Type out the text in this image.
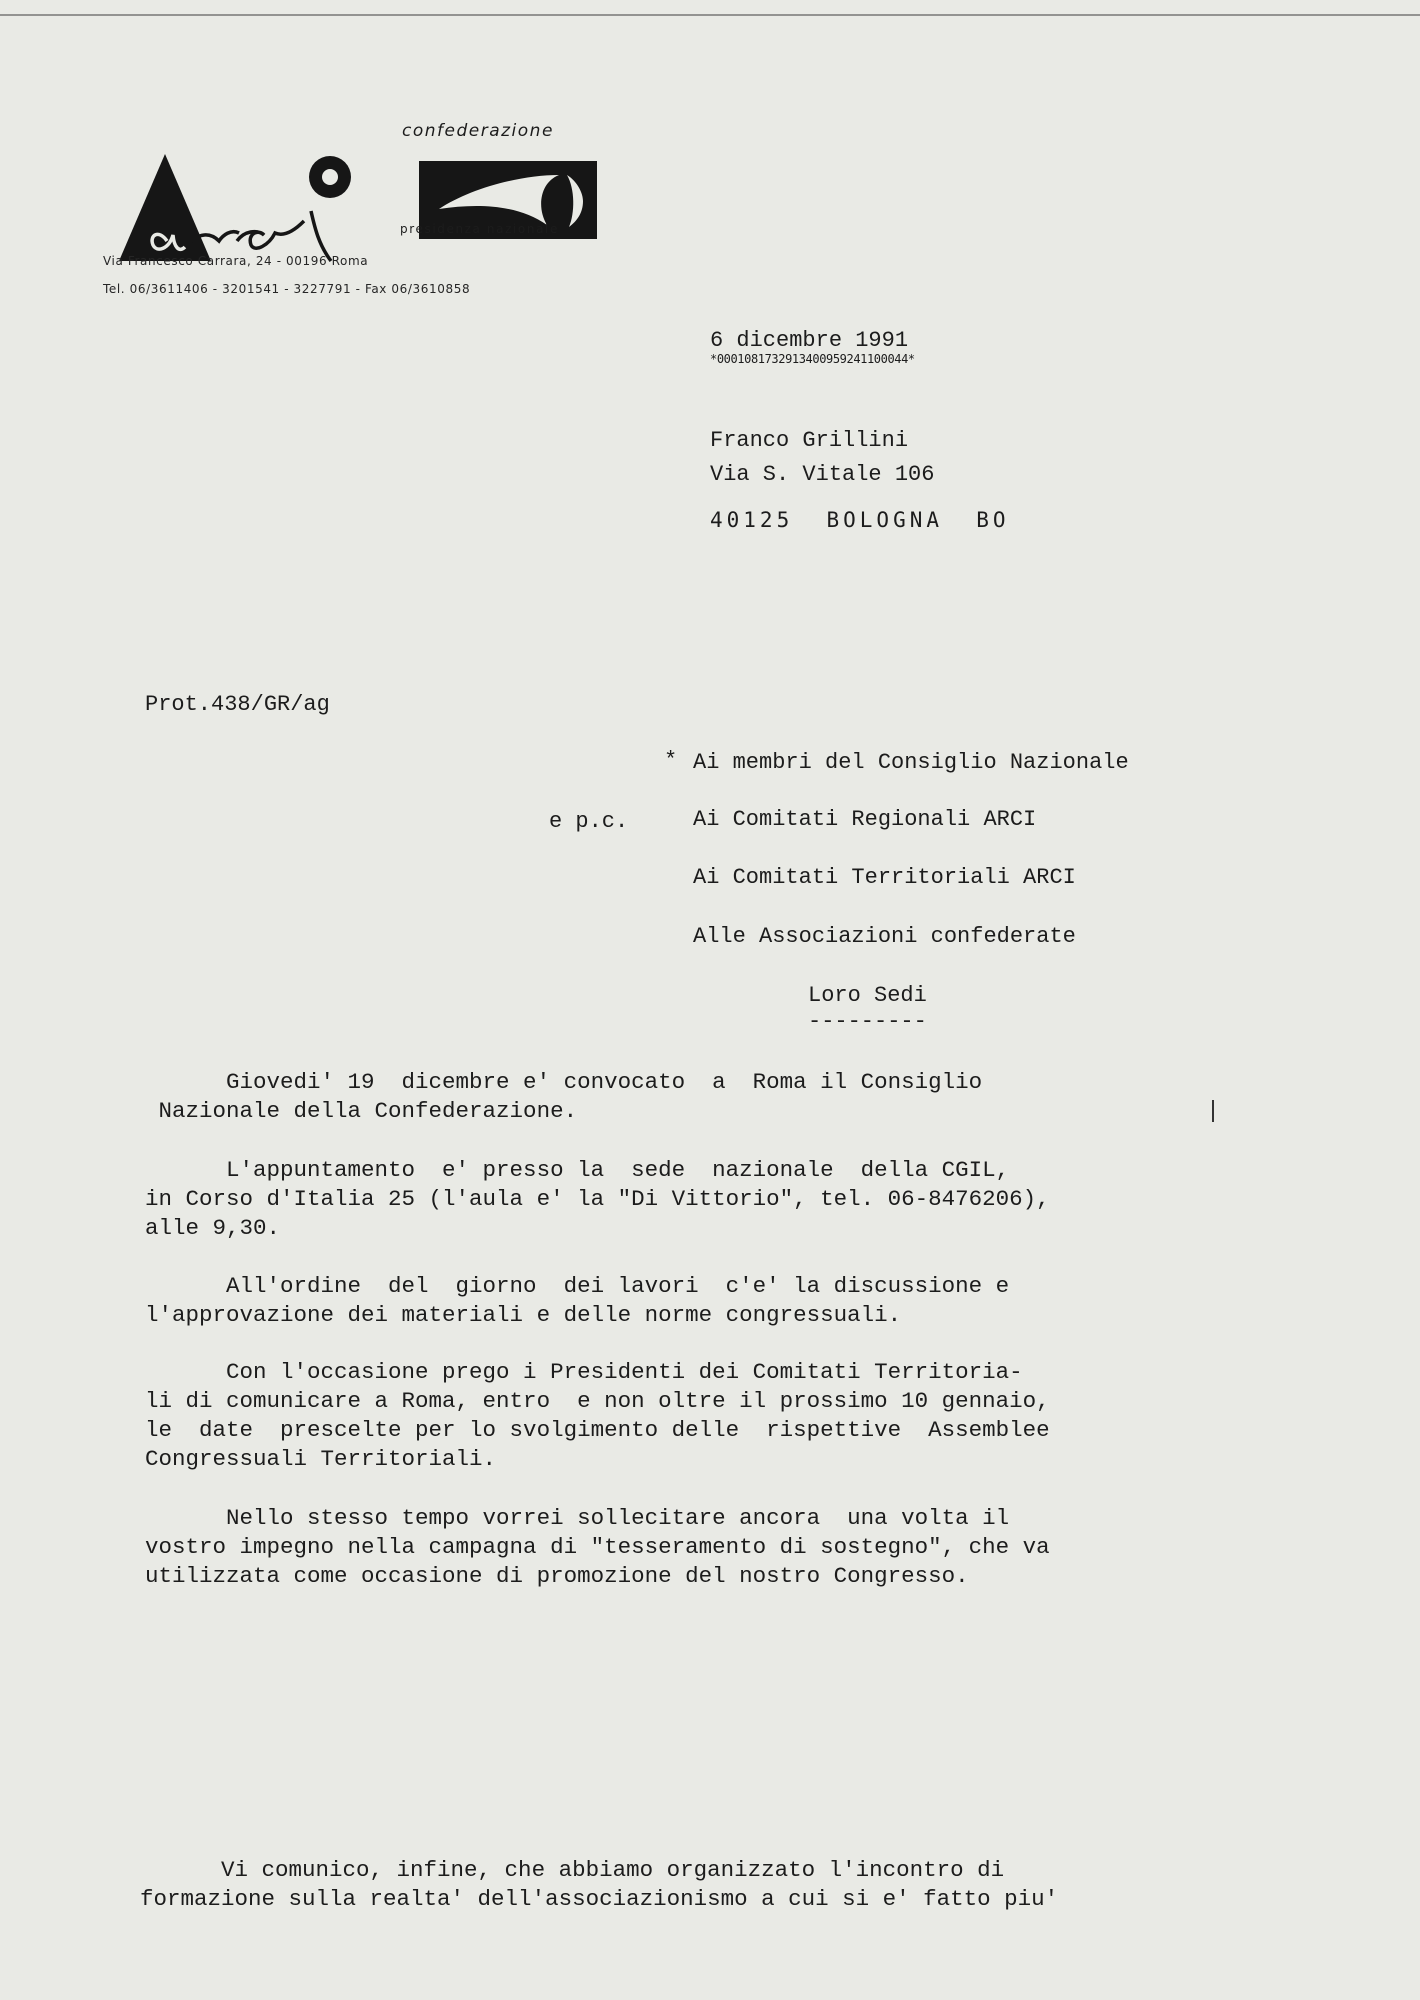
confederazione

presidenza nazionale
Via Francesco Carrara, 24 - 00196 Roma
Tel. 06/3611406 - 3201541 - 3227791 - Fax 06/3610858
6 dicembre 1991
*0001081732913400959241100044*
Franco Grillini
Via S. Vitale 106
40125  BOLOGNA  BO
Prot.438/GR/ag
* Ai membri del Consiglio Nazionale
e p.c.	Ai Comitati Regionali ARCI
Ai Comitati Territoriali ARCI
Alle Associazioni confederate
Loro Sedi
---------
Giovedi' 19  dicembre e' convocato  a  Roma il Consiglio
Nazionale della Confederazione.
L'appuntamento  e' presso la  sede  nazionale  della CGIL,
in Corso d'Italia 25 (l'aula e' la "Di Vittorio", tel. 06-8476206),
alle 9,30.
All'ordine  del  giorno  dei lavori  c'e' la discussione e
l'approvazione dei materiali e delle norme congressuali.
Con l'occasione prego i Presidenti dei Comitati Territoria-
li di comunicare a Roma, entro  e non oltre il prossimo 10 gennaio,
le  date  prescelte per lo svolgimento delle  rispettive  Assemblee
Congressuali Territoriali.
Nello stesso tempo vorrei sollecitare ancora  una volta il
vostro impegno nella campagna di "tesseramento di sostegno", che va
utilizzata come occasione di promozione del nostro Congresso.
Vi comunico, infine, che abbiamo organizzato l'incontro di
formazione sulla realta' dell'associazionismo a cui si e' fatto piu'
